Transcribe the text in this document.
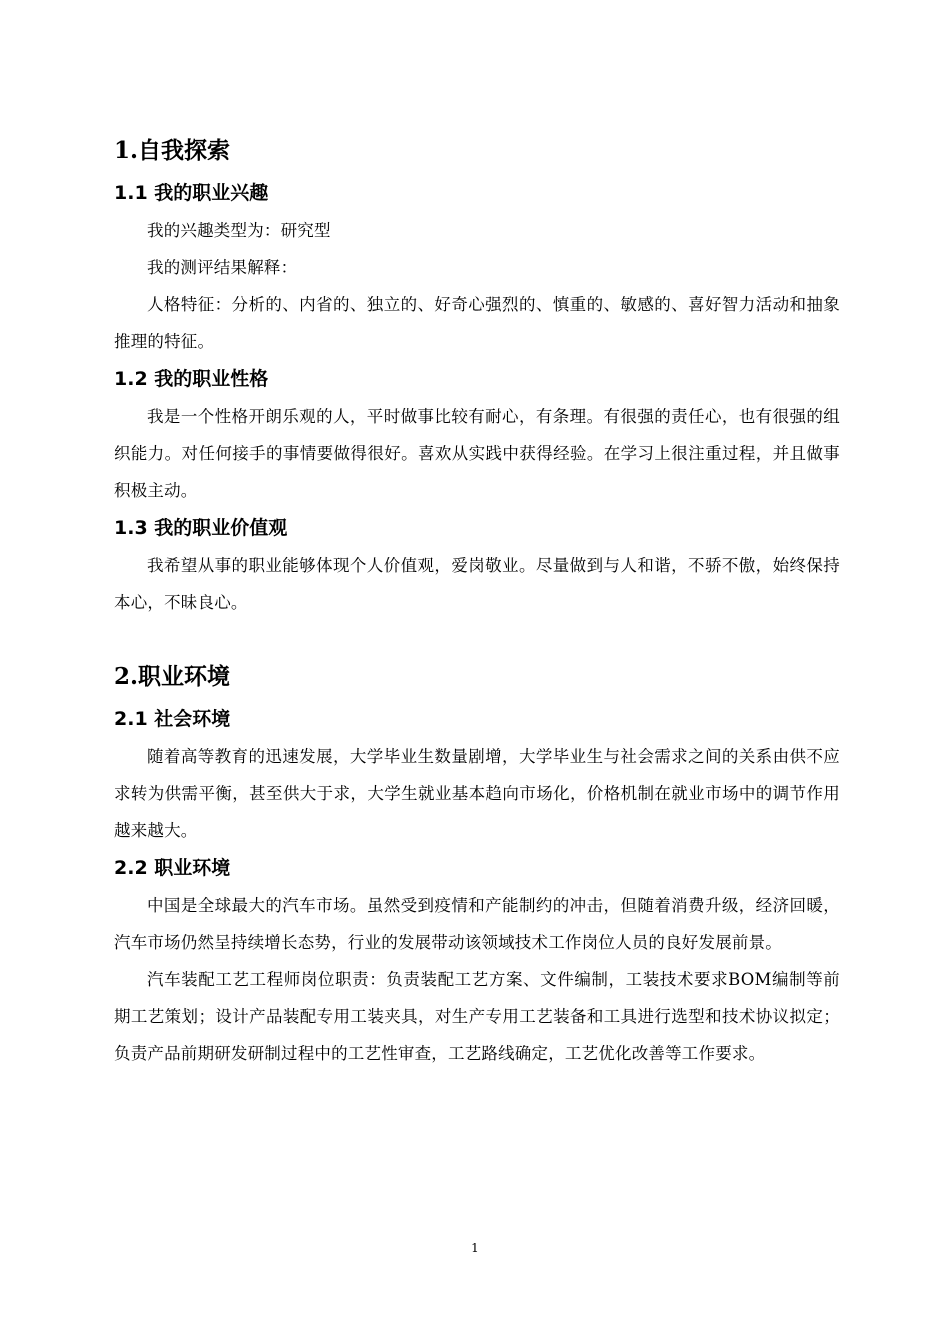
1.自我探索
1.1 我的职业兴趣

我的兴趣类型为：研究型

我的测评结果解释：

人格特征：分析的、内省的、独立的、好奇心强烈的、慎重的、敏感的、喜好智力活动和抽象推理的特征。

1.2 我的职业性格

我是一个性格开朗乐观的人，平时做事比较有耐心，有条理。有很强的责任心，也有很强的组织能力。对任何接手的事情要做得很好。喜欢从实践中获得经验。在学习上很注重过程，并且做事积极主动。

1.3 我的职业价值观

我希望从事的职业能够体现个人价值观，爱岗敬业。尽量做到与人和谐，不骄不傲，始终保持本心，不昧良心。

2.职业环境
2.1 社会环境

随着高等教育的迅速发展，大学毕业生数量剧增，大学毕业生与社会需求之间的关系由供不应求转为供需平衡，甚至供大于求，大学生就业基本趋向市场化，价格机制在就业市场中的调节作用越来越大。

2.2 职业环境

中国是全球最大的汽车市场。虽然受到疫情和产能制约的冲击，但随着消费升级，经济回暖，汽车市场仍然呈持续增长态势，行业的发展带动该领域技术工作岗位人员的良好发展前景。

汽车装配工艺工程师岗位职责：负责装配工艺方案、文件编制，工装技术要求BOM编制等前期工艺策划；设计产品装配专用工装夹具，对生产专用工艺装备和工具进行选型和技术协议拟定；负责产品前期研发研制过程中的工艺性审查，工艺路线确定，工艺优化改善等工作要求。

1
